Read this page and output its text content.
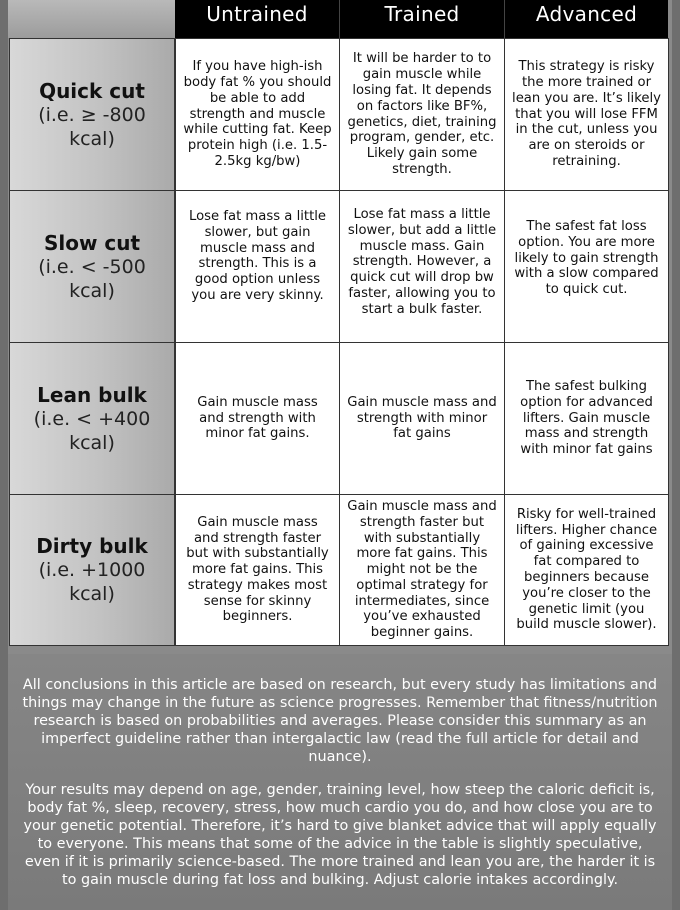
Untrained	Trained	Advanced
Quick cut
(i.e. ≥ -800 kcal)
If you have high-ish body fat % you should be able to add strength and muscle while cutting fat. Keep protein high (i.e. 1.5-2.5kg kg/bw)
It will be harder to to gain muscle while losing fat. It depends on factors like BF%, genetics, diet, training program, gender, etc. Likely gain some strength.
This strategy is risky the more trained or lean you are. It’s likely that you will lose FFM in the cut, unless you are on steroids or retraining.
Slow cut
(i.e. < -500 kcal)
Lose fat mass a little slower, but gain muscle mass and strength. This is a good option unless you are very skinny.
Lose fat mass a little slower, but add a little muscle mass. Gain strength. However, a quick cut will drop bw faster, allowing you to start a bulk faster.
The safest fat loss option. You are more likely to gain strength with a slow compared to quick cut.
Lean bulk
(i.e. < +400 kcal)
Gain muscle mass and strength with minor fat gains.
Gain muscle mass and strength with minor fat gains
The safest bulking option for advanced lifters. Gain muscle mass and strength with minor fat gains
Dirty bulk
(i.e. +1000 kcal)
Gain muscle mass and strength faster but with substantially more fat gains. This strategy makes most sense for skinny beginners.
Gain muscle mass and strength faster but with substantially more fat gains. This might not be the optimal strategy for intermediates, since you’ve exhausted beginner gains.
Risky for well-trained lifters. Higher chance of gaining excessive fat compared to beginners because you’re closer to the genetic limit (you build muscle slower).

All conclusions in this article are based on research, but every study has limitations and things may change in the future as science progresses. Remember that fitness/nutrition research is based on probabilities and averages. Please consider this summary as an imperfect guideline rather than intergalactic law (read the full article for detail and nuance).

Your results may depend on age, gender, training level, how steep the caloric deficit is, body fat %, sleep, recovery, stress, how much cardio you do, and how close you are to your genetic potential. Therefore, it’s hard to give blanket advice that will apply equally to everyone. This means that some of the advice in the table is slightly speculative, even if it is primarily science-based. The more trained and lean you are, the harder it is to gain muscle during fat loss and bulking. Adjust calorie intakes accordingly.
